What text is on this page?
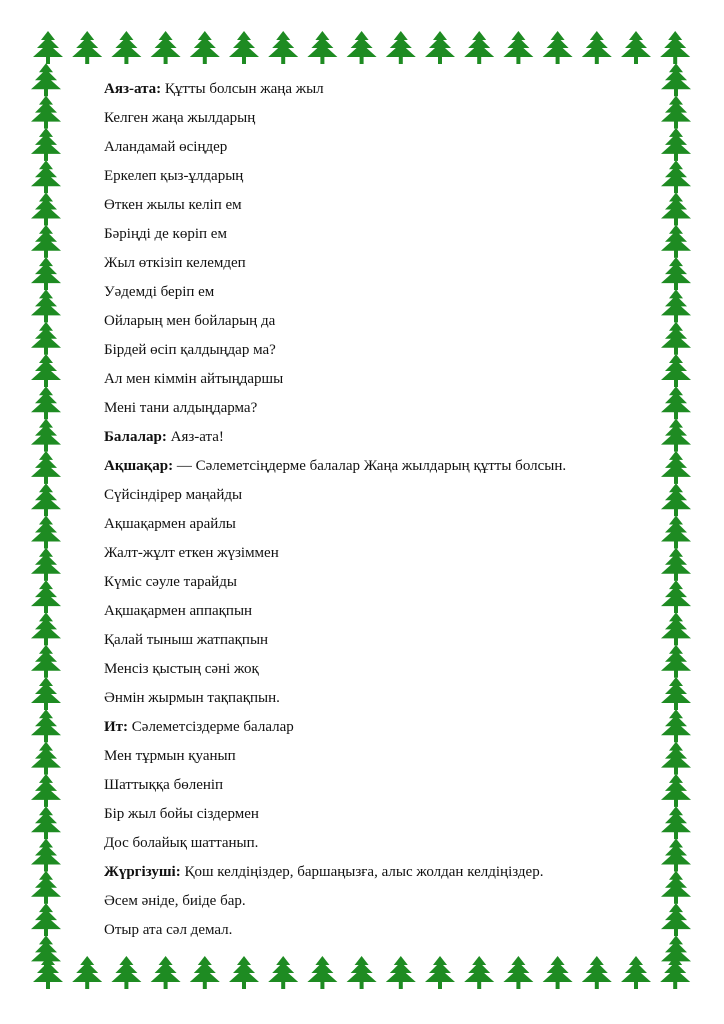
Аяз-ата: Құтты болсын жаңа жыл
Келген жаңа жылдарың
Аландамай өсіңдер
Еркелеп қыз-ұлдарың
Өткен жылы келіп ем
Бәріңді де көріп ем
Жыл өткізіп келемдеп
Уәдемді беріп ем
Ойларың мен бойларың да
Бірдей өсіп қалдыңдар ма?
Ал мен кіммін айтыңдаршы
Мені тани алдыңдарма?
Балалар: Аяз-ата!
Ақшақар: — Сәлеметсіңдерме балалар Жаңа жылдарың құтты болсын.
Сүйсіндірер маңайды
Ақшақармен арайлы
Жалт-жұлт еткен жүзіммен
Күміс сәуле тарайды
Ақшақармен аппақпын
Қалай тыныш жатпақпын
Менсіз қыстың сәні жоқ
Әнмін жырмын тақпақпын.
Ит: Сәлеметсіздерме балалар
Мен тұрмын қуанып
Шаттыққа бөленіп
Бір жыл бойы сіздермен
Дос болайық шаттанып.
Жүргізуші: Қош келдіңіздер, баршаңызға, алыс жолдан келдіңіздер.
Әсем әніде, биіде бар.
Отыр ата сәл демал.
